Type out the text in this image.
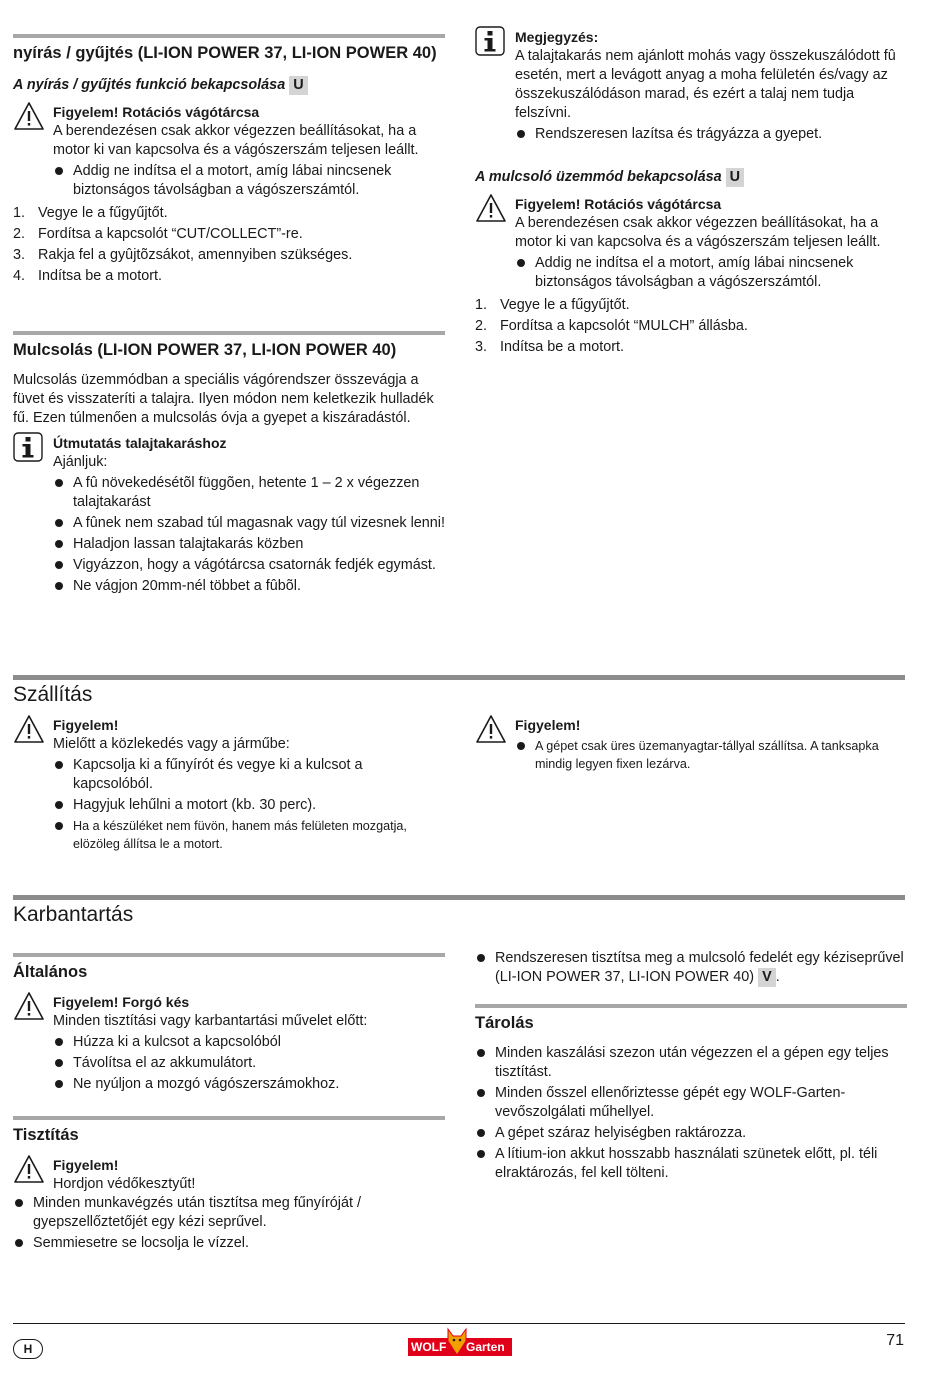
nyírás / gyűjtés (LI-ION POWER 37, LI-ION POWER 40)
A nyírás / gyűjtés funkció bekapcsolása U
Figyelem! Rotációs vágótárcsa
A berendezésen csak akkor végezzen beállításokat, ha a motor ki van kapcsolva és a vágószerszám teljesen leállt.
Addig ne indítsa el a motort, amíg lábai nincsenek biztonságos távolságban a vágószerszámtól.
1. Vegye le a fűgyűjtőt.
2. Fordítsa a kapcsolót “CUT/COLLECT”-re.
3. Rakja fel a gyûjtõzsákot, amennyiben szükséges.
4. Indítsa be a motort.
Mulcsolás (LI-ION POWER 37, LI-ION POWER 40)
Mulcsolás üzemmódban a speciális vágórendszer összevágja a füvet és visszateríti a talajra. Ilyen módon nem keletkezik hulladék fű. Ezen túlmenően a mulcsolás óvja a gyepet a kiszáradástól.
Útmutatás talajtakaráshoz
Ajánljuk:
A fû növekedésétõl függõen, hetente 1 – 2 x végezzen talajtakarást
A fûnek nem szabad túl magasnak vagy túl vizesnek lenni!
Haladjon lassan talajtakarás közben
Vigyázzon, hogy a vágótárcsa csatornák fedjék egymást.
Ne vágjon 20mm-nél többet a fûbõl.
Megjegyzés:
A talajtakarás nem ajánlott mohás vagy összekuszálódott fû esetén, mert a levágott anyag a moha felületén és/vagy az összekuszálódáson marad, és ezért a talaj nem tudja felszívni.
Rendszeresen lazítsa és trágyázza a gyepet.
A mulcsoló üzemmód bekapcsolása U
Figyelem! Rotációs vágótárcsa
A berendezésen csak akkor végezzen beállításokat, ha a motor ki van kapcsolva és a vágószerszám teljesen leállt.
Addig ne indítsa el a motort, amíg lábai nincsenek biztonságos távolságban a vágószerszámtól.
1. Vegye le a fűgyűjtőt.
2. Fordítsa a kapcsolót “MULCH” állásba.
3. Indítsa be a motort.
Szállítás
Figyelem!
Mielőtt a közlekedés vagy a járműbe:
Kapcsolja ki a fűnyírót és vegye ki a kulcsot a kapcsolóból.
Hagyjuk lehűlni a motort (kb. 30 perc).
Ha a készüléket nem füvön, hanem más felületen mozgatja, elözöleg állítsa le a motort.
Figyelem!
A gépet csak üres üzemanyagtar-tállyal szállítsa. A tanksapka mindig legyen fixen lezárva.
Karbantartás
Általános
Figyelem! Forgó kés
Minden tisztítási vagy karbantartási művelet előtt:
Húzza ki a kulcsot a kapcsolóból
Távolítsa el az akkumulátort.
Ne nyúljon a mozgó vágószerszámokhoz.
Tisztítás
Figyelem!
Hordjon védőkesztyűt!
Minden munkavégzés után tisztítsa meg fűnyíróját / gyepszellőztetőjét egy kézi seprűvel.
Semmiesetre se locsolja le vízzel.
Rendszeresen tisztítsa meg a mulcsoló fedelét egy kéziseprűvel (LI-ION POWER 37, LI-ION POWER 40) V .
Tárolás
Minden kaszálási szezon után végezzen el a gépen egy teljes tisztítást.
Minden ősszel ellenőriztesse gépét egy WOLF-Garten-vevőszolgálati műhellyel.
A gépet száraz helyiségben raktározza.
A lítium-ion akkut hosszabb használati szünetek előtt, pl. téli elraktározás, fel kell tölteni.
H	WOLF Garten	71
